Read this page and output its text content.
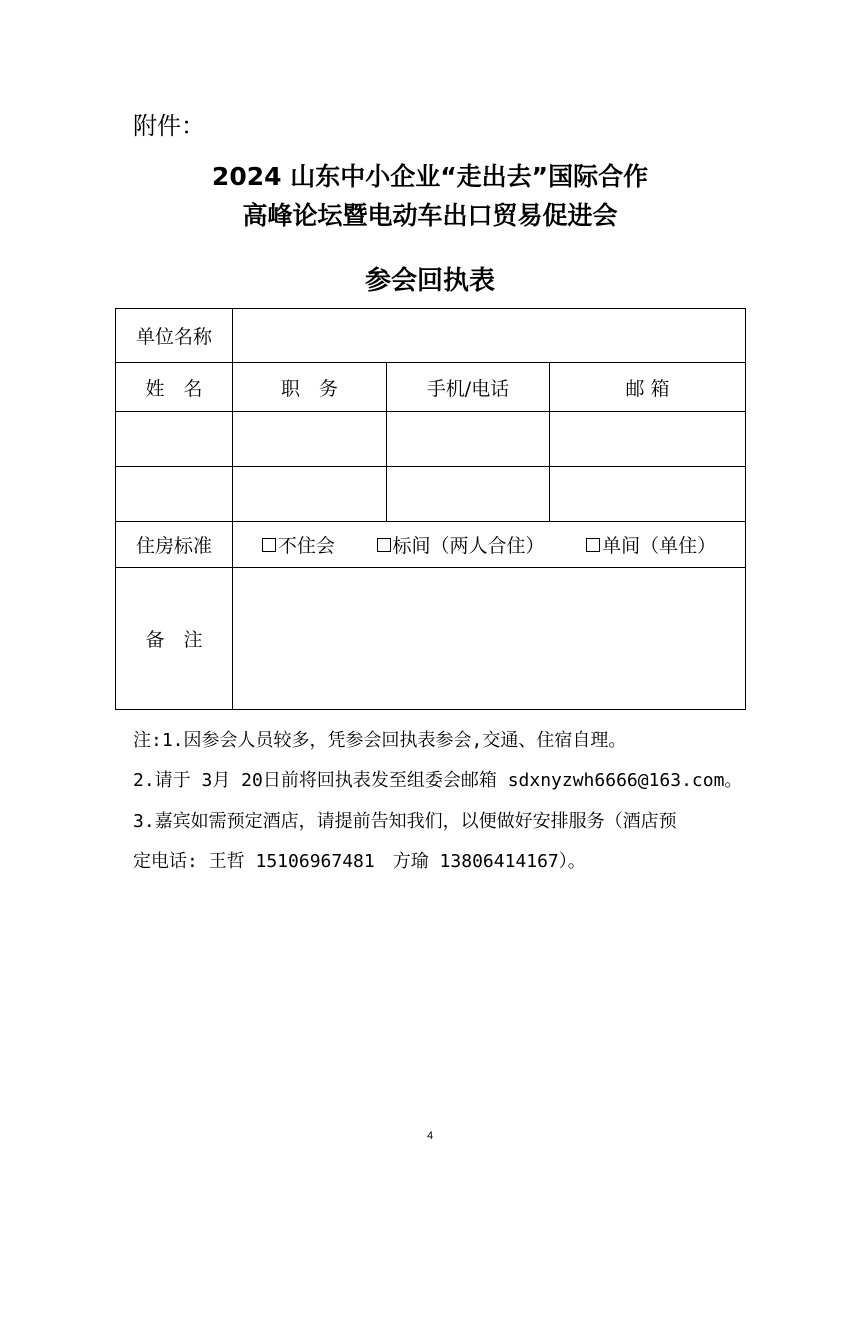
附件：
2024 山东中小企业“走出去”国际合作
高峰论坛暨电动车出口贸易促进会
参会回执表
单位名称			
姓　名	职　务	手机/电话	邮 箱

住房标准	不住会 标间（两人合住） 单间（单住）		

备　注			
注:1.因参会人员较多，凭参会回执表参会,交通、住宿自理。
2.请于 3月 20日前将回执表发至组委会邮箱 sdxnyzwh6666@163.com。
3.嘉宾如需预定酒店，请提前告知我们，以便做好安排服务（酒店预
定电话: 王哲 15106967481　方瑜 13806414167）。
4
